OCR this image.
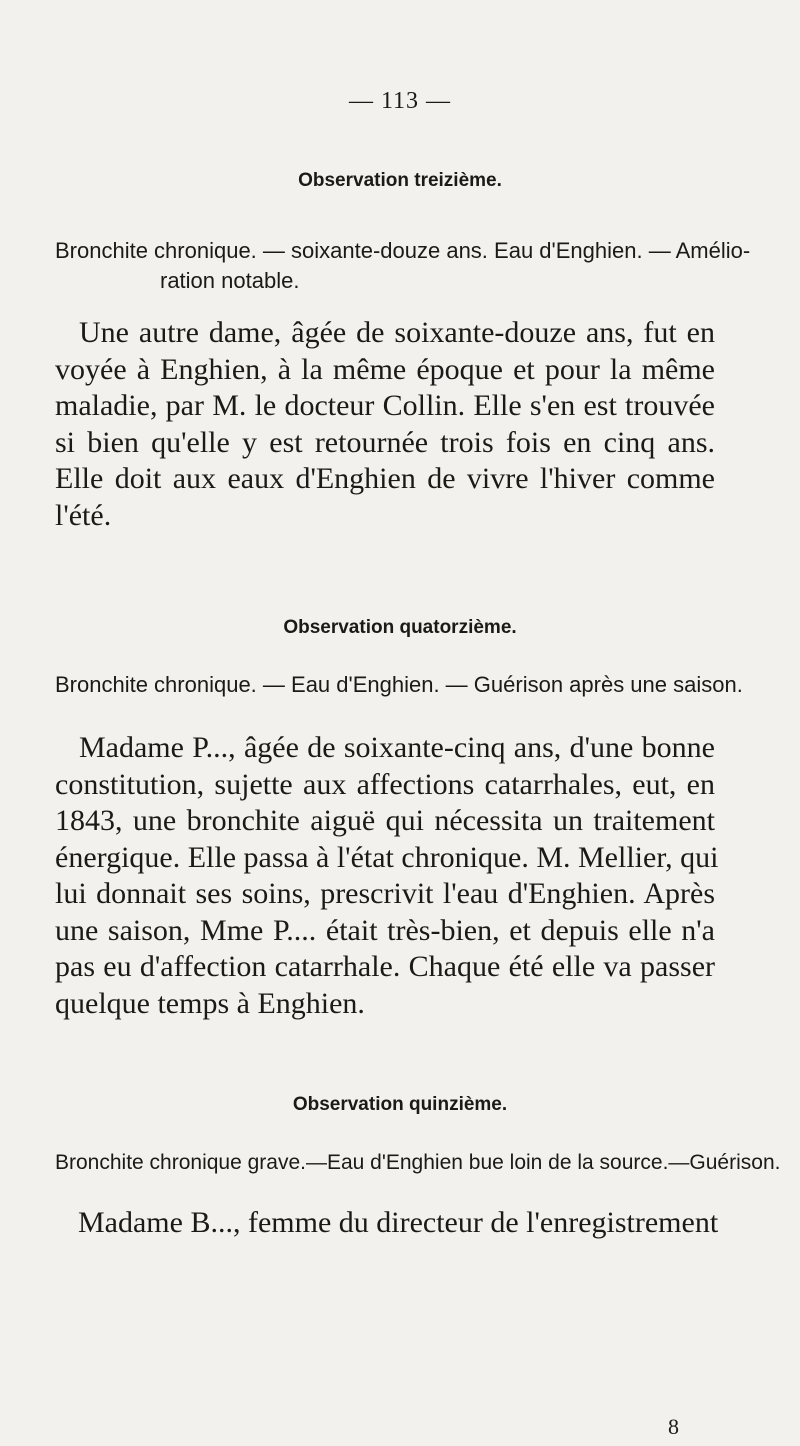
— 113 —
Observation treizième.
Bronchite chronique. — soixante-douze ans. Eau d'Enghien. — Amélio-
ration notable.
Une autre dame, âgée de soixante-douze ans, fut en
voyée à Enghien, à la même époque et pour la même
maladie, par M. le docteur Collin. Elle s'en est trouvée
si bien qu'elle y est retournée trois fois en cinq ans.
Elle doit aux eaux d'Enghien de vivre l'hiver comme
l'été.
Observation quatorzième.
Bronchite chronique. — Eau d'Enghien. — Guérison après une saison.
Madame P..., âgée de soixante-cinq ans, d'une bonne
constitution, sujette aux affections catarrhales, eut, en
1843, une bronchite aiguë qui nécessita un traitement
énergique. Elle passa à l'état chronique. M. Mellier, qui
lui donnait ses soins, prescrivit l'eau d'Enghien. Après
une saison, Mme P.... était très-bien, et depuis elle n'a
pas eu d'affection catarrhale. Chaque été elle va passer
quelque temps à Enghien.
Observation quinzième.
Bronchite chronique grave.—Eau d'Enghien bue loin de la source.—Guérison.
Madame B..., femme du directeur de l'enregistrement
8
